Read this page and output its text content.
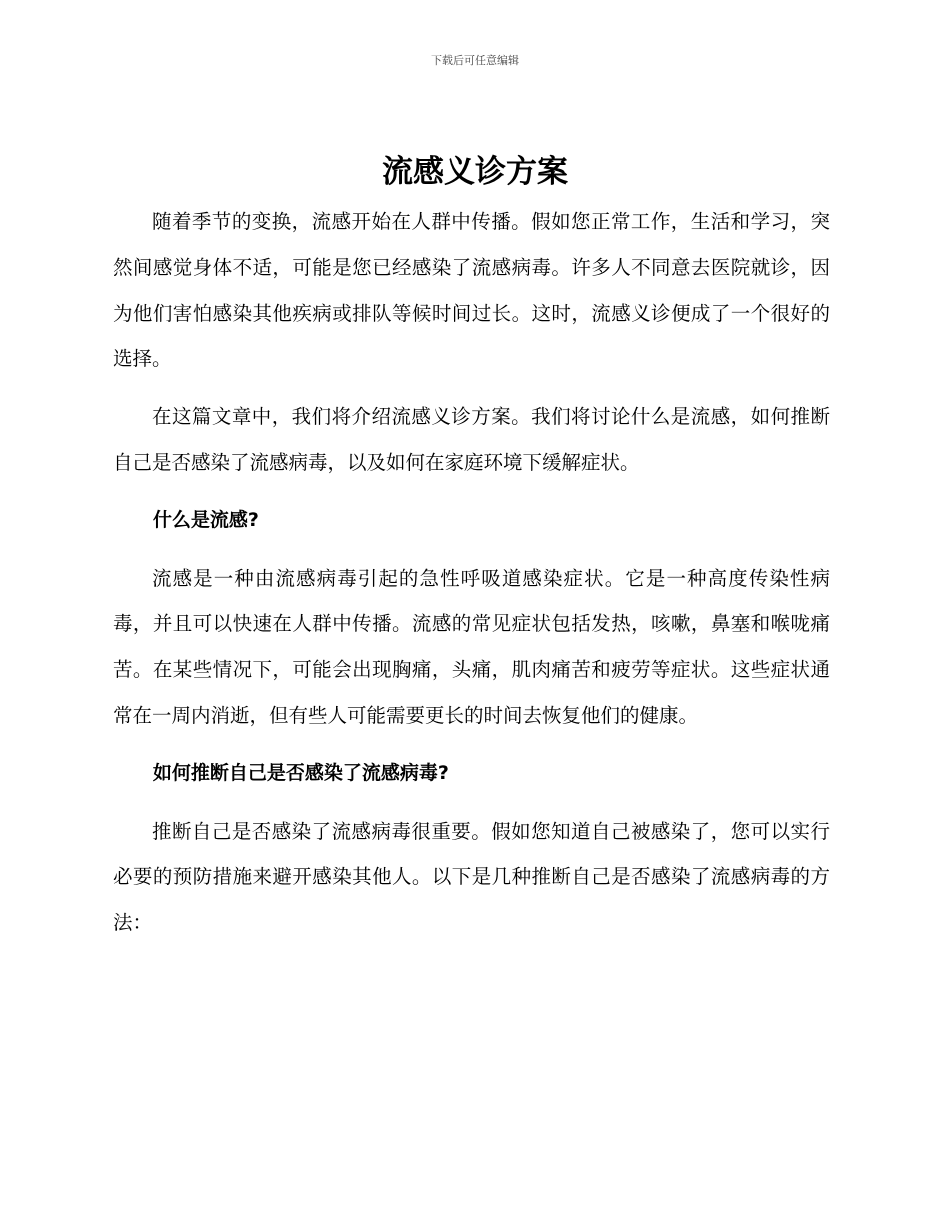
下载后可任意编辑
流感义诊方案

随着季节的变换，流感开始在人群中传播。假如您正常工作，生活和学习，突然间感觉身体不适，可能是您已经感染了流感病毒。许多人不同意去医院就诊，因为他们害怕感染其他疾病或排队等候时间过长。这时，流感义诊便成了一个很好的选择。

在这篇文章中，我们将介绍流感义诊方案。我们将讨论什么是流感，如何推断自己是否感染了流感病毒，以及如何在家庭环境下缓解症状。

什么是流感?

流感是一种由流感病毒引起的急性呼吸道感染症状。它是一种高度传染性病毒，并且可以快速在人群中传播。流感的常见症状包括发热，咳嗽，鼻塞和喉咙痛苦。在某些情况下，可能会出现胸痛，头痛，肌肉痛苦和疲劳等症状。这些症状通常在一周内消逝，但有些人可能需要更长的时间去恢复他们的健康。

如何推断自己是否感染了流感病毒?

推断自己是否感染了流感病毒很重要。假如您知道自己被感染了，您可以实行必要的预防措施来避开感染其他人。以下是几种推断自己是否感染了流感病毒的方法：
